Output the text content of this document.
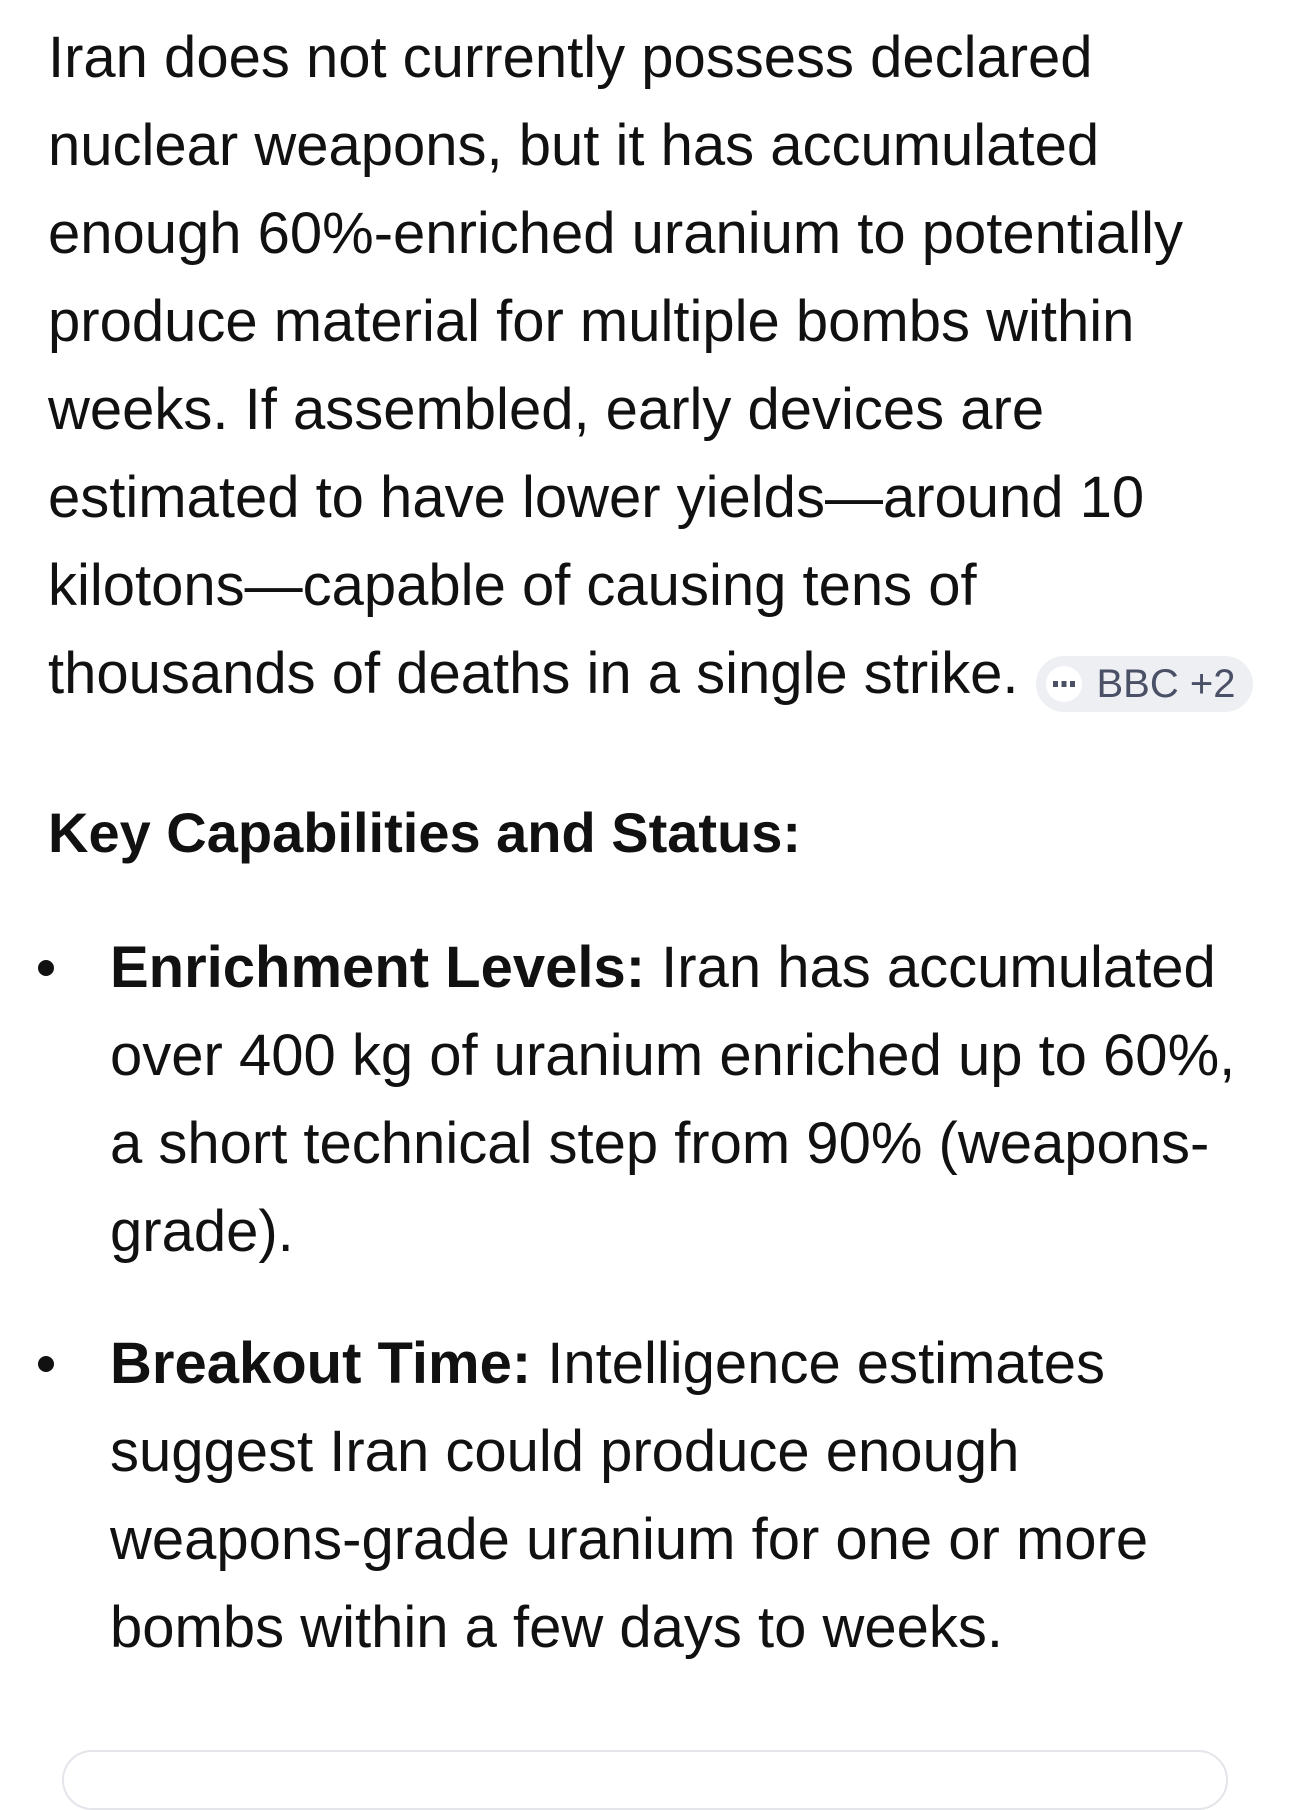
Iran does not currently possess declared nuclear weapons, but it has accumulated enough 60%-enriched uranium to potentially produce material for multiple bombs within weeks. If assembled, early devices are estimated to have lower yields—around 10 kilotons—capable of causing tens of thousands of deaths in a single strike. BBC +2

Key Capabilities and Status:
Enrichment Levels: Iran has accumulated over 400 kg of uranium enriched up to 60%, a short technical step from 90% (weapons-grade).
Breakout Time: Intelligence estimates suggest Iran could produce enough weapons-grade uranium for one or more bombs within a few days to weeks.
